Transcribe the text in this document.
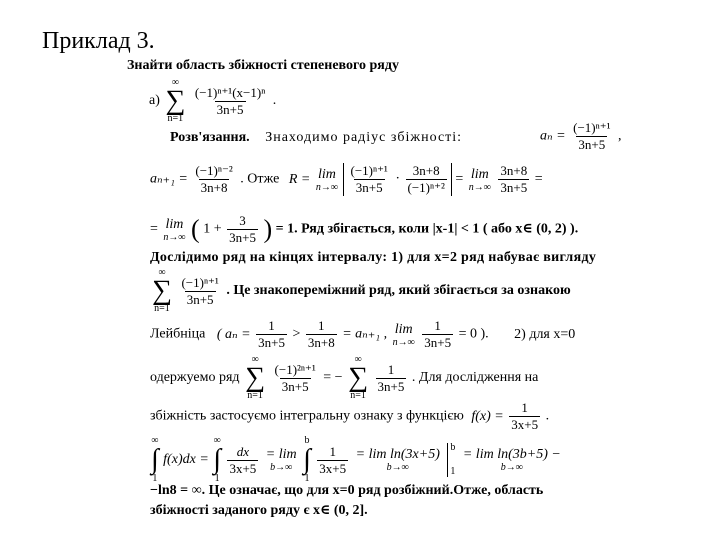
Приклад 3.
Знайти область збіжності степеневого ряду
а)
∞
∑
n=1

$\frac{\text{(−1)ⁿ⁺¹(x−1)ⁿ}}{3n+5}$ .
Розв'язання. Знаходимо радіус збіжності:	$a_n = \frac{\text{(−1)ⁿ⁺¹}}{3n+5}$ ,
$a_{n+1} = \frac{\text{(−1)ⁿ⁻²}}{3n+8}$ . Отже R = lim
n→∞
$\frac{\text{(−1)ⁿ⁺¹}}{3n+5} \cdot \frac{3n+8}{\text{(−1)ⁿ⁺²}} = \lim$
n→∞
$\frac{3n+8}{3n+5}$ =
= lim
n→∞ ( $1 + \frac{3}{3n+5}$ ) = 1. Ряд збігається, коли |x-1| < 1 ( або x∈ (0, 2) ).
Дослідимо ряд на кінцях інтервалу: 1) для x=2 ряд набуває вигляду
∞
∑
n=1

$\frac{\text{(−1)ⁿ⁺¹}}{3n+5}$ . Це знакопереміжний ряд, який збігається за ознакою
Лейбніца ( $a_n = \frac{1}{3n+5} > \frac{1}{3n+8} = a_{n+1}$ , lim
n→∞
$\frac{1}{3n+5} = 0$ ). 2) для x=0
одержуемо ряд
∞
∑
n=1

$\frac{\text{(−1)²ⁿ⁺¹}}{3n+5}$ = −
∞
∑
n=1

$\frac{1}{3n+5}$ . Для дослідження на
збіжність застосуємо інтегральну ознаку з функцією $f(x) = \frac{1}{3x+5}$ .
∞
∫
1
f(x)dx =
∞
∫
1

$\frac{dx}{3x+5}$
= lim
b→∞

b
∫
1

$\frac{1}{3x+5}$
= lim ln(3x+5)
b→∞

b

1

= lim ln(3b+5) −
b→∞
−ln8 = ∞. Це означає, що для x=0 ряд розбіжний.Отже, область
збіжності заданого ряду є x∈ (0, 2].
